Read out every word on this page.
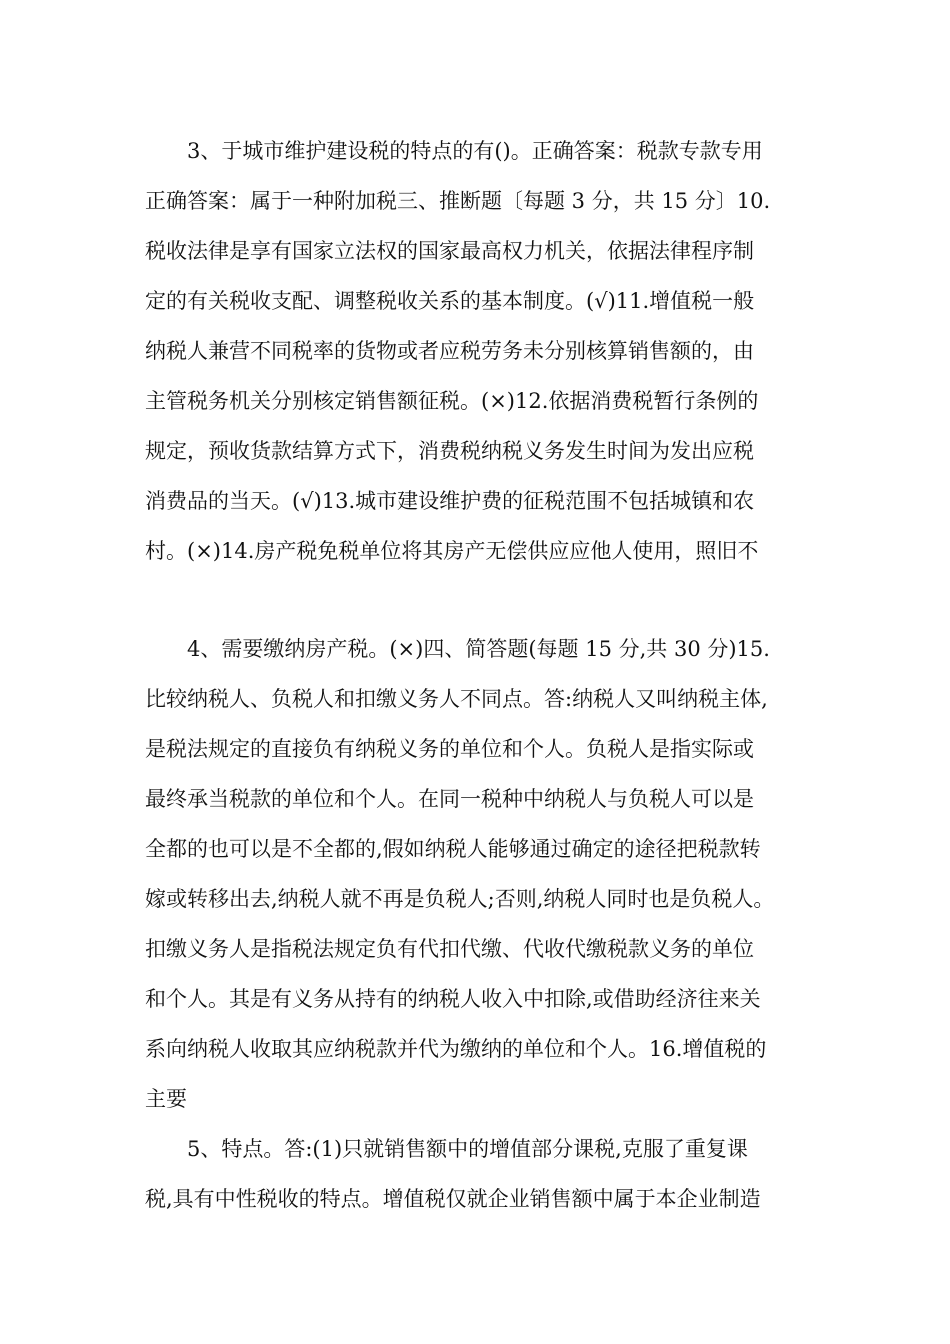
3、于城市维护建设税的特点的有()。正确答案：税款专款专用
正确答案：属于一种附加税三、推断题〔每题 3 分，共 15 分〕10.
税收法律是享有国家立法权的国家最高权力机关，依据法律程序制
定的有关税收支配、调整税收关系的基本制度。(√)11.增值税一般
纳税人兼营不同税率的货物或者应税劳务未分别核算销售额的，由
主管税务机关分别核定销售额征税。(×)12.依据消费税暂行条例的
规定，预收货款结算方式下，消费税纳税义务发生时间为发出应税
消费品的当天。(√)13.城市建设维护费的征税范围不包括城镇和农
村。(×)14.房产税免税单位将其房产无偿供应应他人使用，照旧不

4、需要缴纳房产税。(×)四、简答题(每题 15 分,共 30 分)15.
比较纳税人、负税人和扣缴义务人不同点。答:纳税人又叫纳税主体,
是税法规定的直接负有纳税义务的单位和个人。负税人是指实际或
最终承当税款的单位和个人。在同一税种中纳税人与负税人可以是
全都的也可以是不全都的,假如纳税人能够通过确定的途径把税款转
嫁或转移出去,纳税人就不再是负税人;否则,纳税人同时也是负税人。
扣缴义务人是指税法规定负有代扣代缴、代收代缴税款义务的单位
和个人。其是有义务从持有的纳税人收入中扣除,或借助经济往来关
系向纳税人收取其应纳税款并代为缴纳的单位和个人。16.增值税的
主要

5、特点。答:(1)只就销售额中的增值部分课税,克服了重复课
税,具有中性税收的特点。增值税仅就企业销售额中属于本企业制造
